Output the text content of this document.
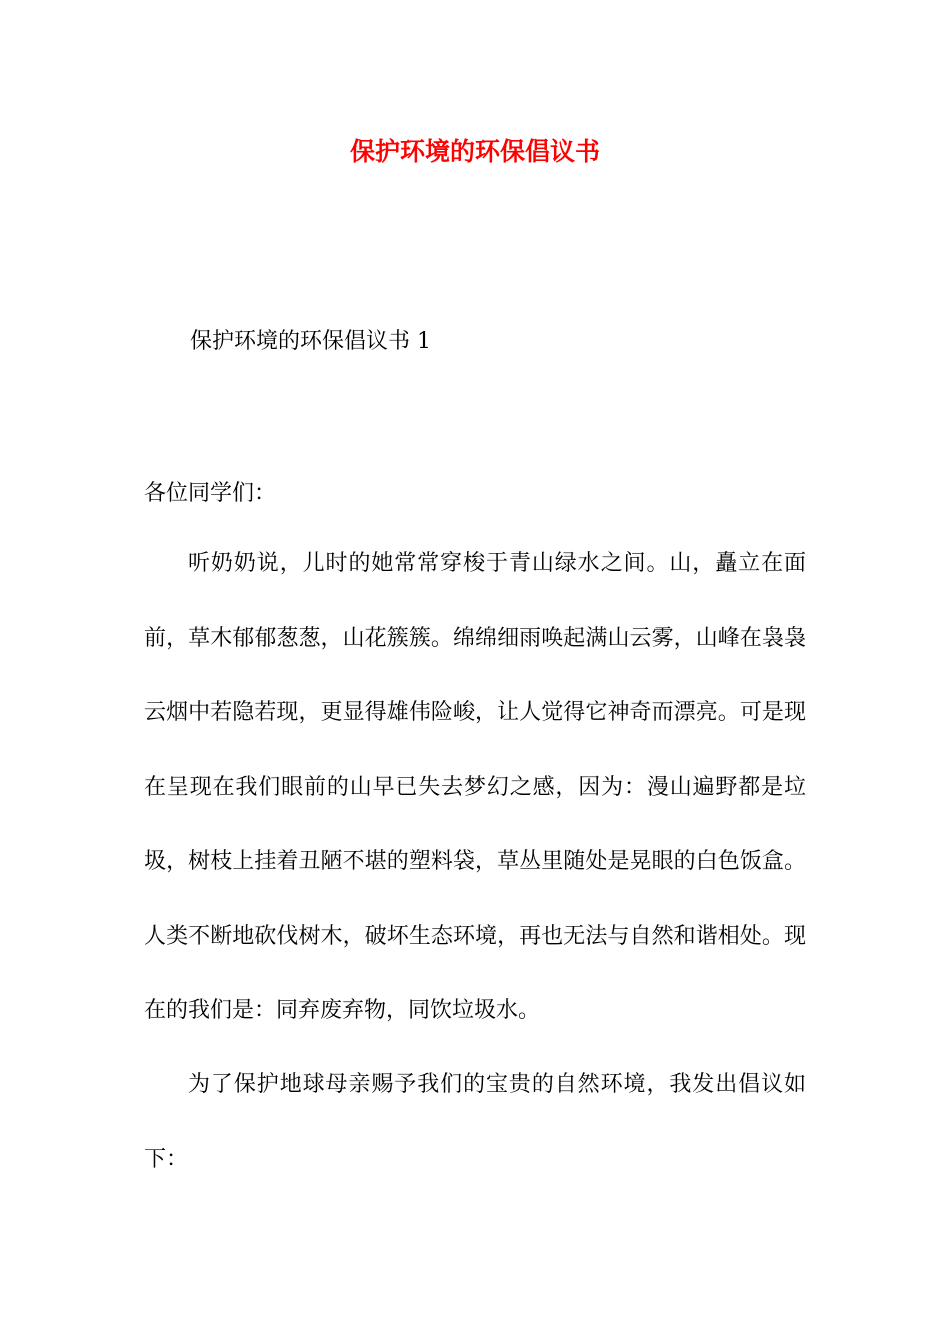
保护环境的环保倡议书
保护环境的环保倡议书 1
各位同学们：
听奶奶说，儿时的她常常穿梭于青山绿水之间。山，矗立在面前，草木郁郁葱葱，山花簇簇。绵绵细雨唤起满山云雾，山峰在袅袅云烟中若隐若现，更显得雄伟险峻，让人觉得它神奇而漂亮。可是现在呈现在我们眼前的山早已失去梦幻之感，因为：漫山遍野都是垃圾，树枝上挂着丑陋不堪的塑料袋，草丛里随处是晃眼的白色饭盒。人类不断地砍伐树木，破坏生态环境，再也无法与自然和谐相处。现在的我们是：同弃废弃物，同饮垃圾水。
为了保护地球母亲赐予我们的宝贵的自然环境，我发出倡议如下：
